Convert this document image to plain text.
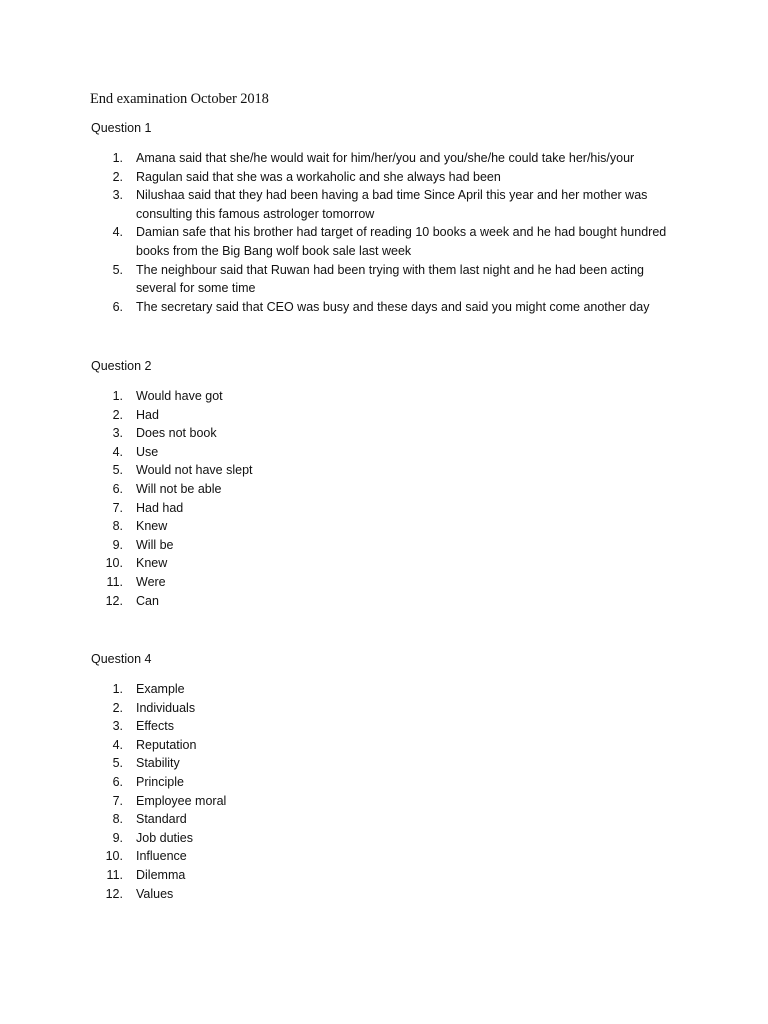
End examination October 2018
Question 1
1. Amana said that she/he would wait for him/her/you and you/she/he could take her/his/your
2. Ragulan said that she was a workaholic and she always had been
3. Nilushaa said that they had been having a bad time Since April this year and her mother was
consulting this famous astrologer tomorrow
4. Damian safe that his brother had target of reading 10 books a week and he had bought hundred
books from the Big Bang wolf book sale last week
5. The neighbour said that Ruwan had been trying with them last night and he had been acting
several for some time
6. The secretary said that CEO was busy and these days and said you might come another day
Question 2
1. Would have got
2. Had
3. Does not book
4. Use
5. Would not have slept
6. Will not be able
7. Had had
8. Knew
9. Will be
10. Knew
11. Were
12. Can
Question 4
1. Example
2. Individuals
3. Effects
4. Reputation
5. Stability
6. Principle
7. Employee moral
8. Standard
9. Job duties
10. Influence
11. Dilemma
12. Values
